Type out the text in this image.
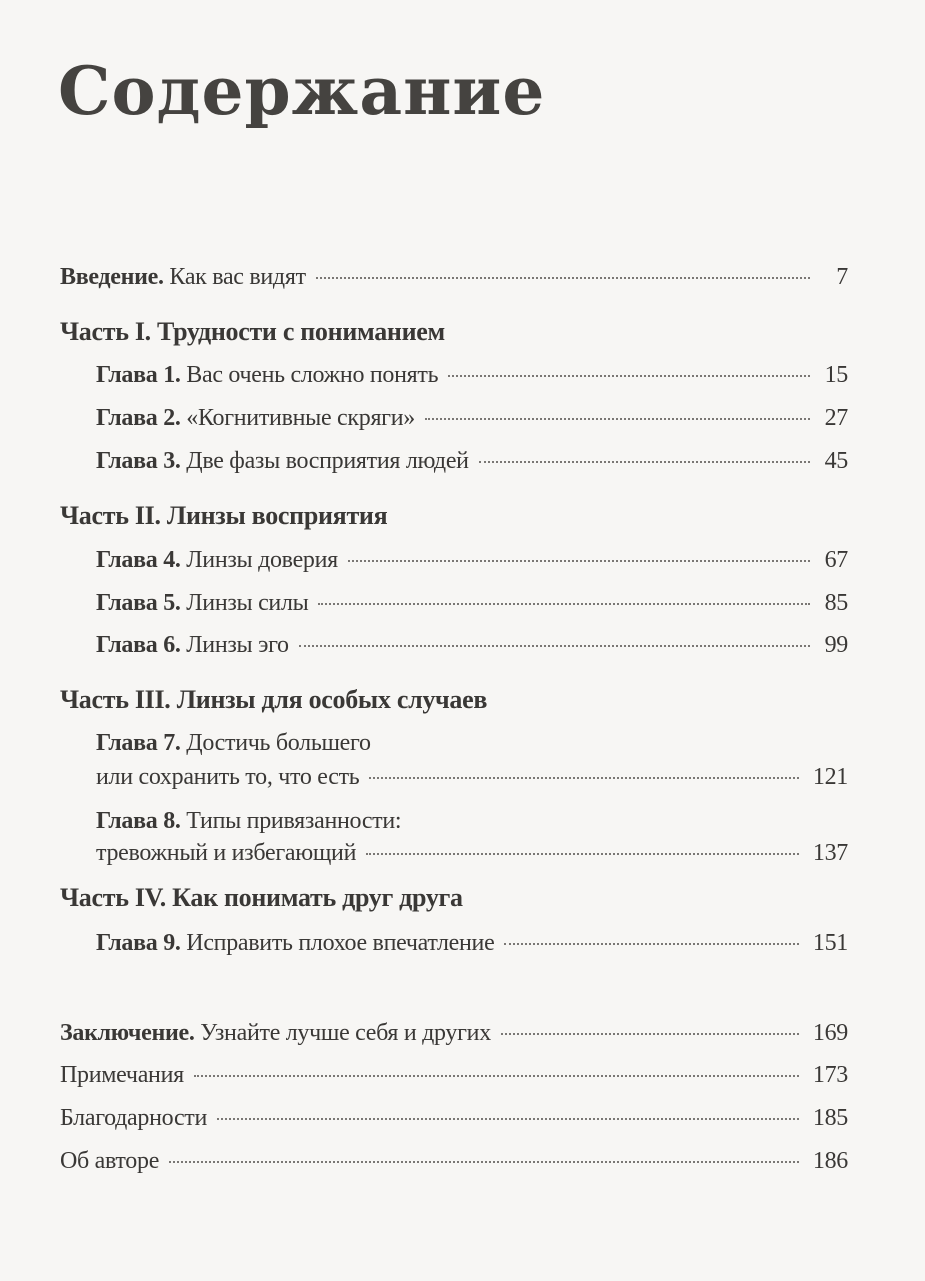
Содержание
Введение. Как вас видят	7
Часть I. Трудности с пониманием
Глава 1. Вас очень сложно понять	15
Глава 2. «Когнитивные скряги»	27
Глава 3. Две фазы восприятия людей	45
Часть II. Линзы восприятия
Глава 4. Линзы доверия	67
Глава 5. Линзы силы	85
Глава 6. Линзы эго	99
Часть III. Линзы для особых случаев
Глава 7. Достичь большего
или сохранить то, что есть	121
Глава 8. Типы привязанности:
тревожный и избегающий	137
Часть IV. Как понимать друг друга
Глава 9. Исправить плохое впечатление	151
Заключение. Узнайте лучше себя и других	169
Примечания	173
Благодарности	185
Об авторе	186
